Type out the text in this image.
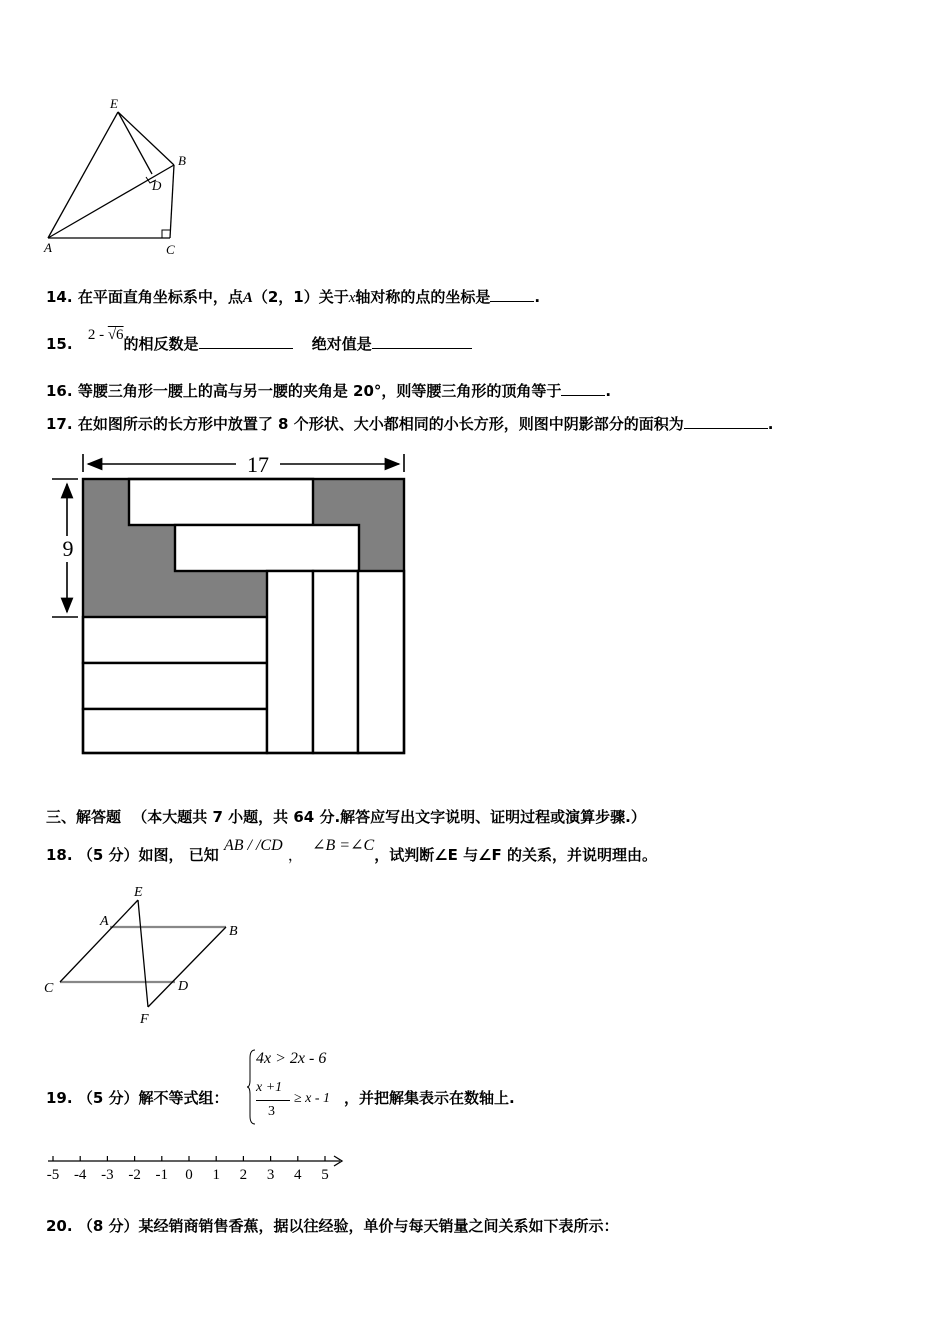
E
B
D
A	C
14. 在平面直角坐标系中，点A（2，1）关于x轴对称的点的坐标是	.
15. 2 - √6的相反数是	绝对值是
16. 等腰三角形一腰上的高与另一腰的夹角是 20°，则等腰三角形的顶角等于	.
17. 在如图所示的长方形中放置了 8 个形状、大小都相同的小长方形，则图中阴影部分的面积为	.
17
9
三、解答题 （本大题共 7 小题，共 64 分.解答应写出文字说明、证明过程或演算步骤.）
18. （5 分）如图， 已知 AB / /CD ， ∠B =∠C，试判断∠E 与∠F 的关系，并说明理由。
E
A
B
C	D
F
19. （5 分）解不等式组：
4x > 2x - 6
x +1
3
≥ x - 1 ，并把解集表示在数轴上.
-5 -4 -3 -2 -1 0 1 2 3 4 5
20. （8 分）某经销商销售香蕉，据以往经验，单价与每天销量之间关系如下表所示：
